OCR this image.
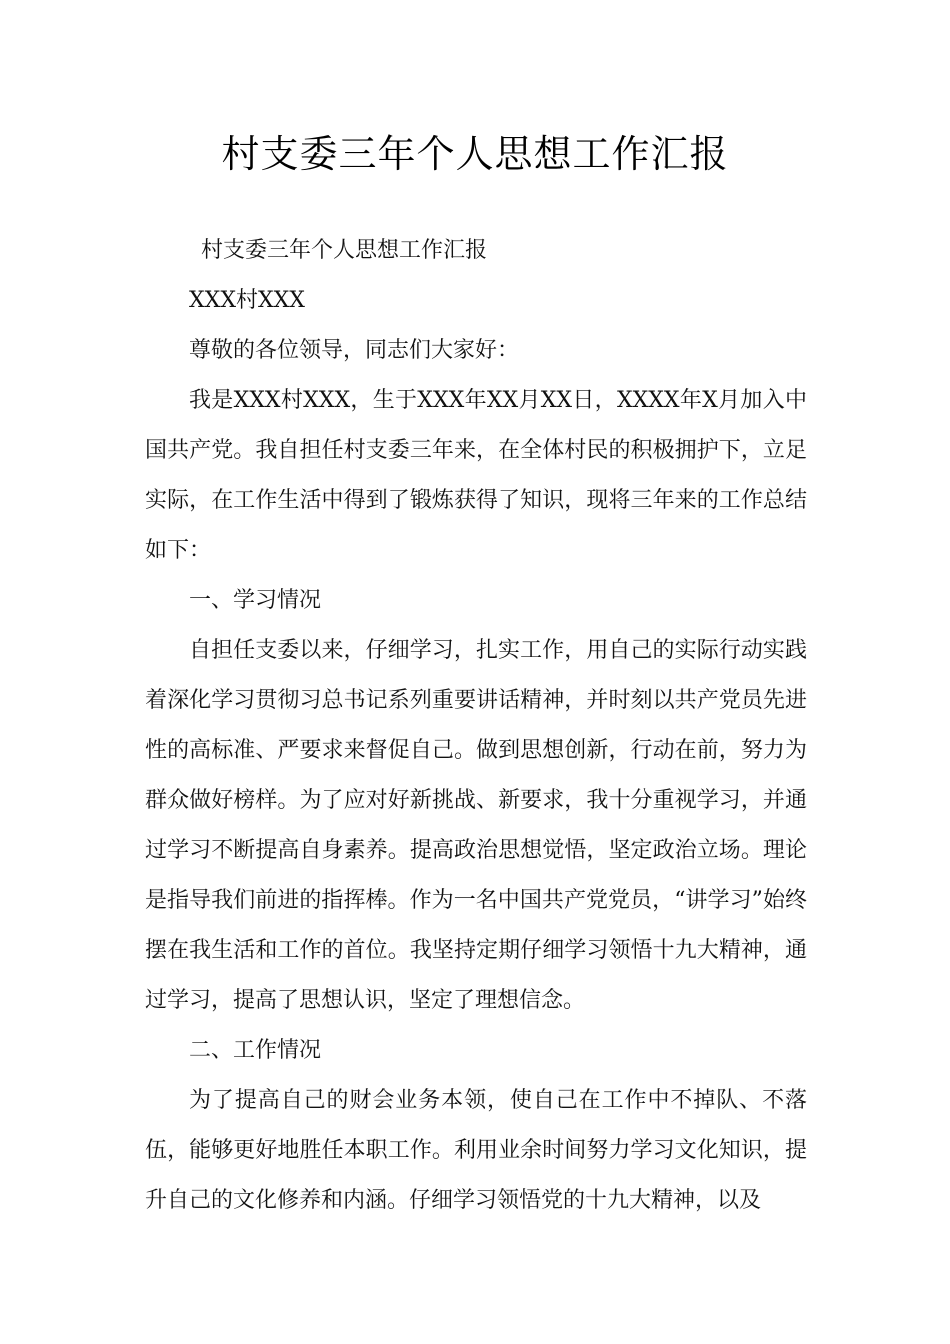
村支委三年个人思想工作汇报

村支委三年个人思想工作汇报

XXX村XXX

尊敬的各位领导，同志们大家好：

我是XXX村XXX，生于XXX年XX月XX日，XXXX年X月加入中国共产党。我自担任村支委三年来，在全体村民的积极拥护下，立足实际，在工作生活中得到了锻炼获得了知识，现将三年来的工作总结如下：

一、学习情况

自担任支委以来，仔细学习，扎实工作，用自己的实际行动实践着深化学习贯彻习总书记系列重要讲话精神，并时刻以共产党员先进性的高标准、严要求来督促自己。做到思想创新，行动在前，努力为群众做好榜样。为了应对好新挑战、新要求，我十分重视学习，并通过学习不断提高自身素养。提高政治思想觉悟，坚定政治立场。理论是指导我们前进的指挥棒。作为一名中国共产党党员，“讲学习”始终摆在我生活和工作的首位。我坚持定期仔细学习领悟十九大精神，通过学习，提高了思想认识，坚定了理想信念。

二、工作情况

为了提高自己的财会业务本领，使自己在工作中不掉队、不落伍，能够更好地胜任本职工作。利用业余时间努力学习文化知识，提升自己的文化修养和内涵。仔细学习领悟党的十九大精神，以及
